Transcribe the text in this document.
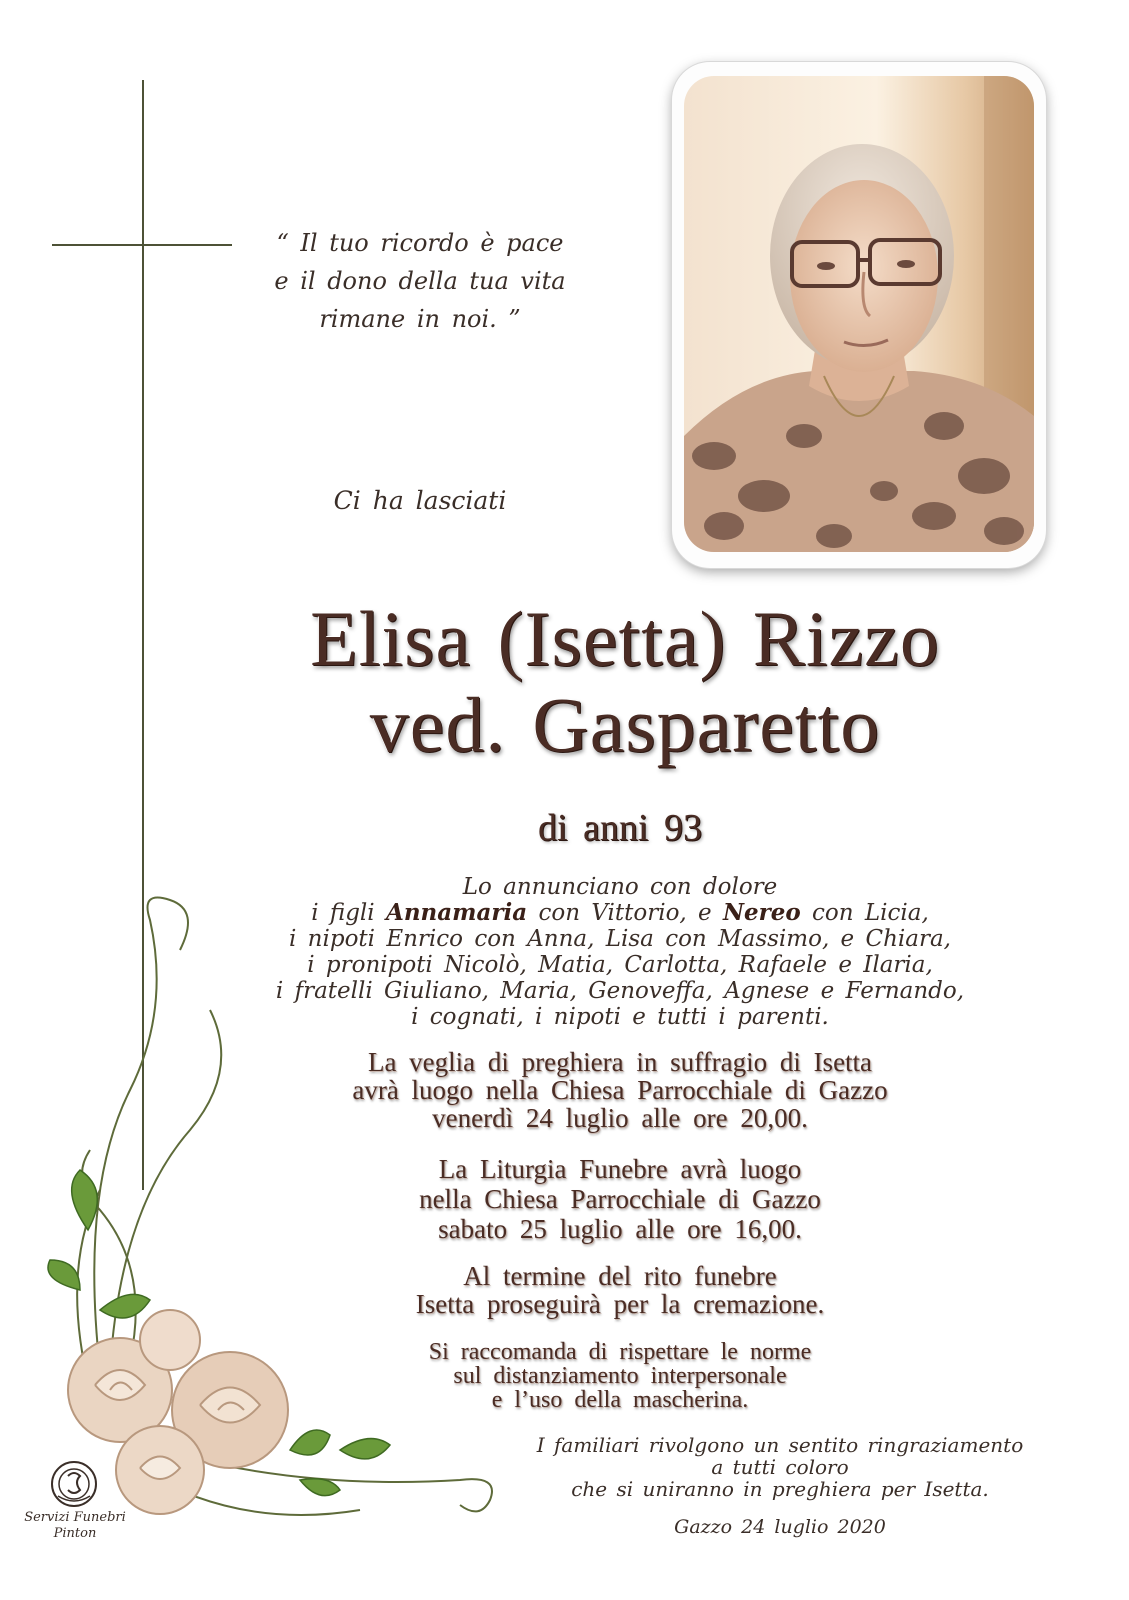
“ Il tuo ricordo è pace
e il dono della tua vita
rimane in noi. ”
Ci ha lasciati
Elisa (Isetta) Rizzo
ved. Gasparetto
di anni 93
Lo annunciano con dolore
i figli Annamaria con Vittorio, e Nereo con Licia,
i nipoti Enrico con Anna, Lisa con Massimo, e Chiara,
i pronipoti Nicolò, Matia, Carlotta, Rafaele e Ilaria,
i fratelli Giuliano, Maria, Genoveffa, Agnese e Fernando,
i cognati, i nipoti e tutti i parenti.
La veglia di preghiera in suffragio di Isetta
avrà luogo nella Chiesa Parrocchiale di Gazzo
venerdì 24 luglio alle ore 20,00.
La Liturgia Funebre avrà luogo
nella Chiesa Parrocchiale di Gazzo
sabato 25 luglio alle ore 16,00.
Al termine del rito funebre
Isetta proseguirà per la cremazione.
Si raccomanda di rispettare le norme
sul distanziamento interpersonale
e l’uso della mascherina.
I familiari rivolgono un sentito ringraziamento
a tutti coloro
che si uniranno in preghiera per Isetta.
Gazzo 24 luglio 2020
Servizi Funebri
Pinton
